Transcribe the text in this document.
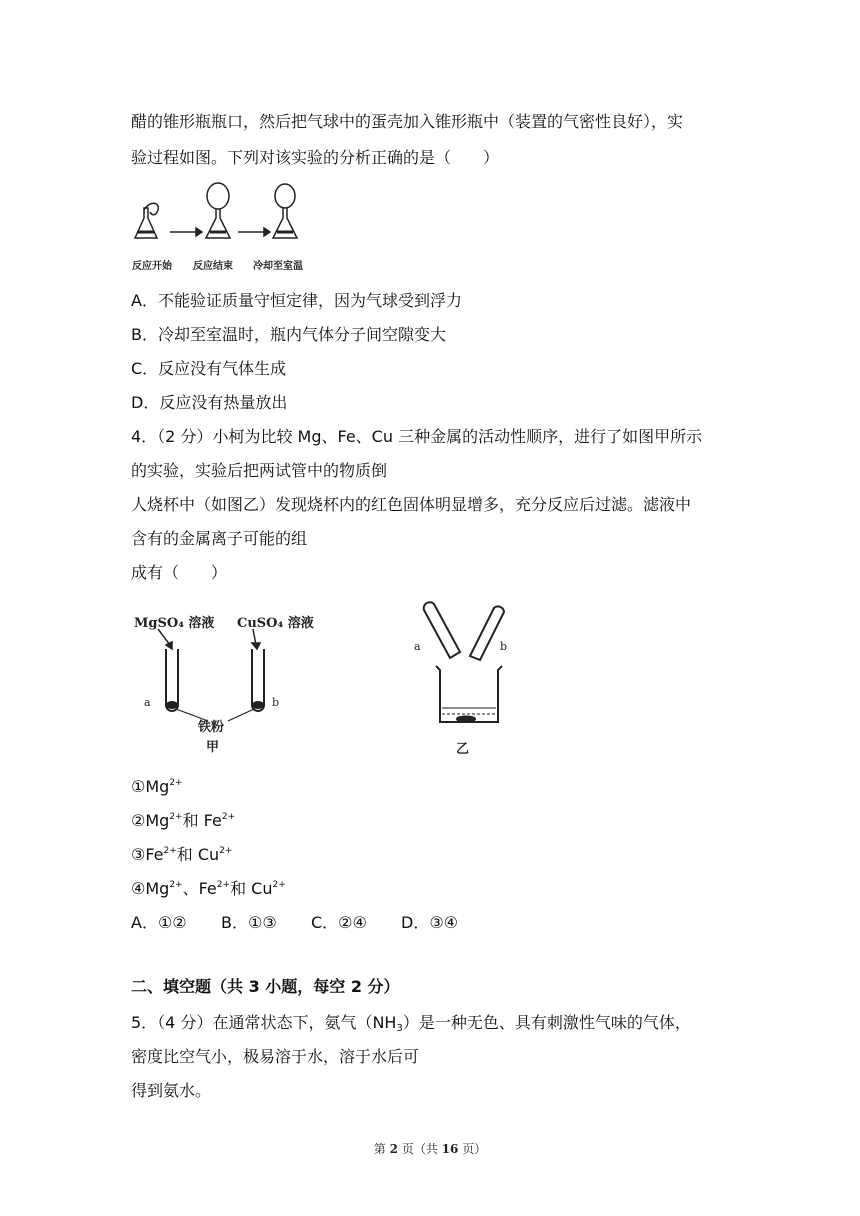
醋的锥形瓶瓶口，然后把气球中的蛋壳加入锥形瓶中（装置的气密性良好），实
验过程如图。下列对该实验的分析正确的是（　　）
反应开始 反应结束 冷却至室温
A．不能验证质量守恒定律，因为气球受到浮力
B．冷却至室温时，瓶内气体分子间空隙变大
C．反应没有气体生成
D．反应没有热量放出
4．（2 分）小柯为比较 Mg、Fe、Cu 三种金属的活动性顺序，进行了如图甲所示
的实验，实验后把两试管中的物质倒
人烧杯中（如图乙）发现烧杯内的红色固体明显增多，充分反应后过滤。滤液中
含有的金属离子可能的组
成有（　　）
MgSO₄ 溶液 CuSO₄ 溶液
a	b
铁粉
甲
a	b
乙
$①Mg^{2+}$
$②Mg^{2+}$和 $Fe^{2+}$
$③Fe^{2+}$和 $Cu^{2+}$
$④Mg^{2+}$、$Fe^{2+}$和 $Cu^{2+}$
A．①② B．①③ C．②④ D．③④
二、填空题（共 3 小题，每空 2 分）
5．（4 分）在通常状态下，氨气$(NH_3)$是一种无色、具有刺激性气味的气体，
密度比空气小，极易溶于水，溶于水后可
得到氨水。
第 2 页（共 16 页）
